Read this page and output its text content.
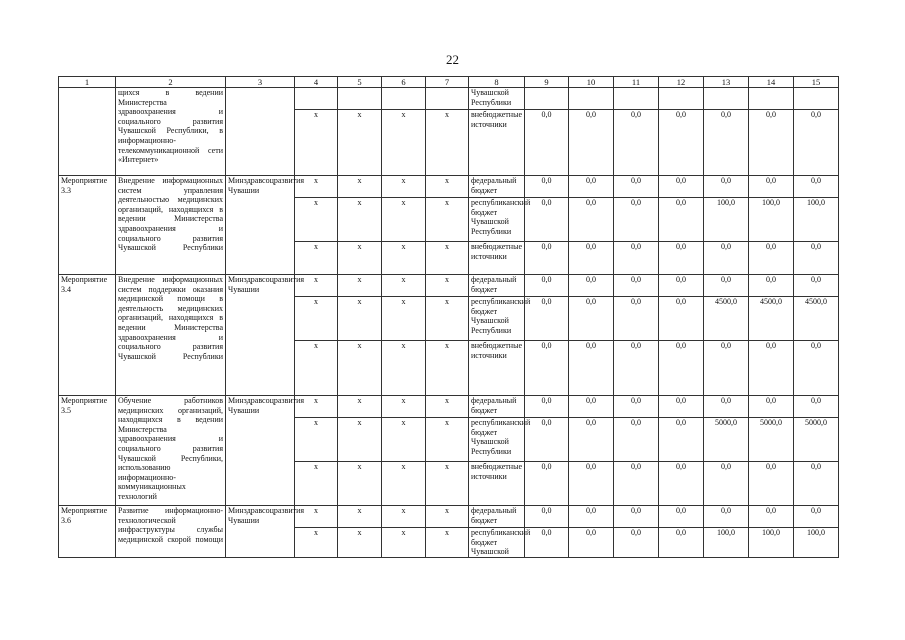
22
1	2	3	4	5	6	7	8	9	10	11	12	13	14	15
	щихся в ведении Министерства здравоохранения и социального развития Чувашской Республики, в информационно-телекоммуникационной сети «Интернет»						Чувашской Республики							
			х	х	х	х	внебюджетные источники	0,0	0,0	0,0	0,0	0,0	0,0	0,0
Мероприятие 3.3	Внедрение информационных систем управления деятельностью медицинских организаций, находящихся в ведении Министерства здравоохранения и социального развития Чувашской Республики	Минздравсоцразвития Чувашии	х	х	х	х	федеральный бюджет	0,0	0,0	0,0	0,0	0,0	0,0	0,0
			х	х	х	х	республиканский бюджет Чувашской Республики	0,0	0,0	0,0	0,0	100,0	100,0	100,0
			х	х	х	х	внебюджетные источники	0,0	0,0	0,0	0,0	0,0	0,0	0,0
Мероприятие 3.4	Внедрение информационных систем поддержки оказания медицинской помощи в деятельность медицинских организаций, находящихся в ведении Министерства здравоохранения и социального развития Чувашской Республики	Минздравсоцразвития Чувашии	х	х	х	х	федеральный бюджет	0,0	0,0	0,0	0,0	0,0	0,0	0,0
			х	х	х	х	республиканский бюджет Чувашской Республики	0,0	0,0	0,0	0,0	4500,0	4500,0	4500,0
			х	х	х	х	внебюджетные источники	0,0	0,0	0,0	0,0	0,0	0,0	0,0
Мероприятие 3.5	Обучение работников медицинских организаций, находящихся в ведении Министерства здравоохранения и социального развития Чувашской Республики, использованию информационно-коммуникационных технологий	Минздравсоцразвития Чувашии	х	х	х	х	федеральный бюджет	0,0	0,0	0,0	0,0	0,0	0,0	0,0
			х	х	х	х	республиканский бюджет Чувашской Республики	0,0	0,0	0,0	0,0	5000,0	5000,0	5000,0
			х	х	х	х	внебюджетные источники	0,0	0,0	0,0	0,0	0,0	0,0	0,0
Мероприятие 3.6	Развитие информационно-технологической инфраструктуры службы медицинской скорой помощи	Минздравсоцразвития Чувашии	х	х	х	х	федеральный бюджет	0,0	0,0	0,0	0,0	0,0	0,0	0,0
			х	х	х	х	республиканский бюджет Чувашской	0,0	0,0	0,0	0,0	100,0	100,0	100,0
